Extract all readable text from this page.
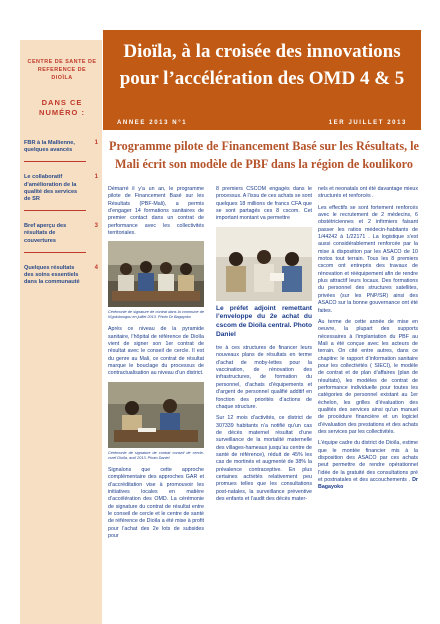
CENTRE DE SANTE DE REFERENCE DE DIOÏLA
DANS CE NUMÉRO :
FBR à la Mallienne, quelques avancés
1
Le collaboratif d'amélioration de la qualité des services de SR
1
Bref aperçu des résultats de couvertures
3
Quelques résultats des soins essentiels dans la communauté
4
Dioïla, à la croisée des innovations
pour l’accélération des OMD 4 & 5
ANNEE 2013 N°1	1ER JUILLET 2013
Programme pilote de Financement Basé sur les Résultats, le
Mali écrit son modèle de PBF dans la région de koulikoro

Démarré il y’a un an, le programme pilote de Financement Basé sur les Résultats (PBF-Mali), a permis d’engager 14 formations sanitaires de premier contact dans un contrat de performance avec les collectivités territoriales.

Cérémonie de signature de contrat dans la commune de N'golobougou en juillet 2013. Photo Dr Bagayoko

Après ce niveau de la pyramide sanitaire, l’hôpital de référence de Dioïla vient de signer son 1er contrat de résultat avec le conseil de cercle. Il est du genre au Mali, ce contrat de résultat marque le bouclage du processus de contractualisation au niveau d’un district.

Cérémonie de signature de contrat conseil de cercle-csref Dioïla, avril 2013. Photo Daniel

Signalons que cette approche complémentaire des approches GAR et d’accréditation vise à promouvoir les initiatives locales en matière d’accélération des OMD. La cérémonie de signature du contrat de résultat entre le conseil de cercle et le centre de santé de référence de Dioïla a été mise à profit pour l’achat des 2e lots de subsides pour

8 premiers CSCOM engagés dans le processus. A l’issu de ces achats se sont quelques 18 millions de francs CFA que se sont partagés ces 8 cscom. Cet important montant va permettre

Le préfet adjoint remettant l’enveloppe du 2e achat du cscom de Dioïla central. Photo Daniel

tre à ces structures de financer leurs nouveaux plans de résultats en terme d’achat de moby-lettes pour la vaccination, de rénovation des infrastructures, de formation du personnel, d’achats d’équipements et d’argent de personnel qualifié additif en fonction des priorités d’actions de chaque structure.

Sur 12 mois d’activités, ce district de 307339 habitants n’a notifié qu’un cas de décès maternel résultat d’une surveillance de la mortalité maternelle des villages-hameaux jusqu’au centre de santé de référence), réduit de 45% les cas de mortinés et augmenté de 38% la prévalence contraceptive. En plus certaines activités relativement peu promues telles que les consultations post-natales, la surveillance préventive des enfants et l’audit des décès mater-

nels et neonatals ont été davantage mieux structurés et renforcés .

Les effectifs se sont fortement renforcés avec le recrutement de 2 médecins, 6 obstétriciennes et 2 infirmiers faisant passer les ratios médecin-habitants de 1/44242 à 1/22171 . La logistique s’est aussi considérablement renforcée par la mise à disposition par les ASACO de 10 motos tout terrain. Tous les 8 premiers cscom ont entrepris des travaux de rénovation et rééquipement afin de rendre plus attractif leurs locaux. Des formations du personnel des structures satellites, privées (sur les PNP/SR) ainsi des ASACO sur la bonne gouvernance ont été faites.

Au terme de cette année de mise en oeuvre, la plupart des supports nécessaires à l’implantation du PBF au Mali a été conçue avec les acteurs de terrain. On cité entre autres, dans ce chapitre: le rapport d’information sanitaire pour les collectivités ( SIECI), le modèle de contrat et de plan d’affaires (plan de résultats), les modèles de contrat de performance individuelle pour toutes les catégories de personnel existant au 1er échelon, les grilles d’évaluation des qualités des services ainsi qu’un manuel de procédure financière et un logiciel d’évaluation des prestations et des achats des services par les collectivités.

L’équipe cadre du district de Dioïla, estime que le montée financier mis à la disposition des ASACO par ces achats peut permettre de rendre opérationnel l’idée de la gratuité des consultations pré et postnatales et des accouchements . Dr Bagayoko
